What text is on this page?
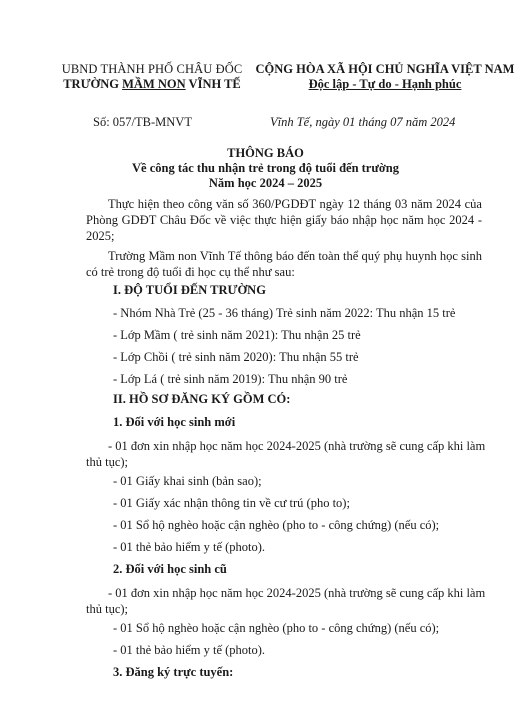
UBND THÀNH PHỐ CHÂU ĐỐC
TRƯỜNG MẦM NON VĨNH TẾ
CỘNG HÒA XÃ HỘI CHỦ NGHĨA VIỆT NAM
Độc lập - Tự do - Hạnh phúc
Số: 057/TB-MNVT	Vĩnh Tế, ngày 01 tháng 07 năm 2024
THÔNG BÁO
Về công tác thu nhận trẻ trong độ tuổi đến trường
Năm học 2024 – 2025
Thực hiện theo công văn số 360/PGDĐT ngày 12 tháng 03 năm 2024 của Phòng GDĐT Châu Đốc về việc thực hiện giấy báo nhập học năm học 2024 - 2025;
Trường Mầm non Vĩnh Tế thông báo đến toàn thể quý phụ huynh học sinh có trẻ trong độ tuổi đi học cụ thể như sau:
I. ĐỘ TUỔI ĐẾN TRƯỜNG
- Nhóm Nhà Trẻ (25 - 36 tháng) Trẻ sinh năm 2022: Thu nhận 15 trẻ
- Lớp Mầm ( trẻ sinh năm 2021): Thu nhận 25 trẻ
- Lớp Chồi ( trẻ sinh năm 2020): Thu nhận 55 trẻ
- Lớp Lá ( trẻ sinh năm 2019): Thu nhận 90 trẻ
II. HỒ SƠ ĐĂNG KÝ GỒM CÓ:
1. Đối với học sinh mới
- 01 đơn xin nhập học năm học 2024-2025 (nhà trường sẽ cung cấp khi làm thủ tục);
- 01 Giấy khai sinh (bản sao);
- 01 Giấy xác nhận thông tin về cư trú (pho to);
- 01 Sổ hộ nghèo hoặc cận nghèo (pho to - công chứng) (nếu có);
- 01 thẻ bảo hiểm y tế (photo).
2. Đối với học sinh cũ
- 01 đơn xin nhập học năm học 2024-2025 (nhà trường sẽ cung cấp khi làm thủ tục);
- 01 Sổ hộ nghèo hoặc cận nghèo (pho to - công chứng) (nếu có);
- 01 thẻ bảo hiểm y tế (photo).
3. Đăng ký trực tuyến:
